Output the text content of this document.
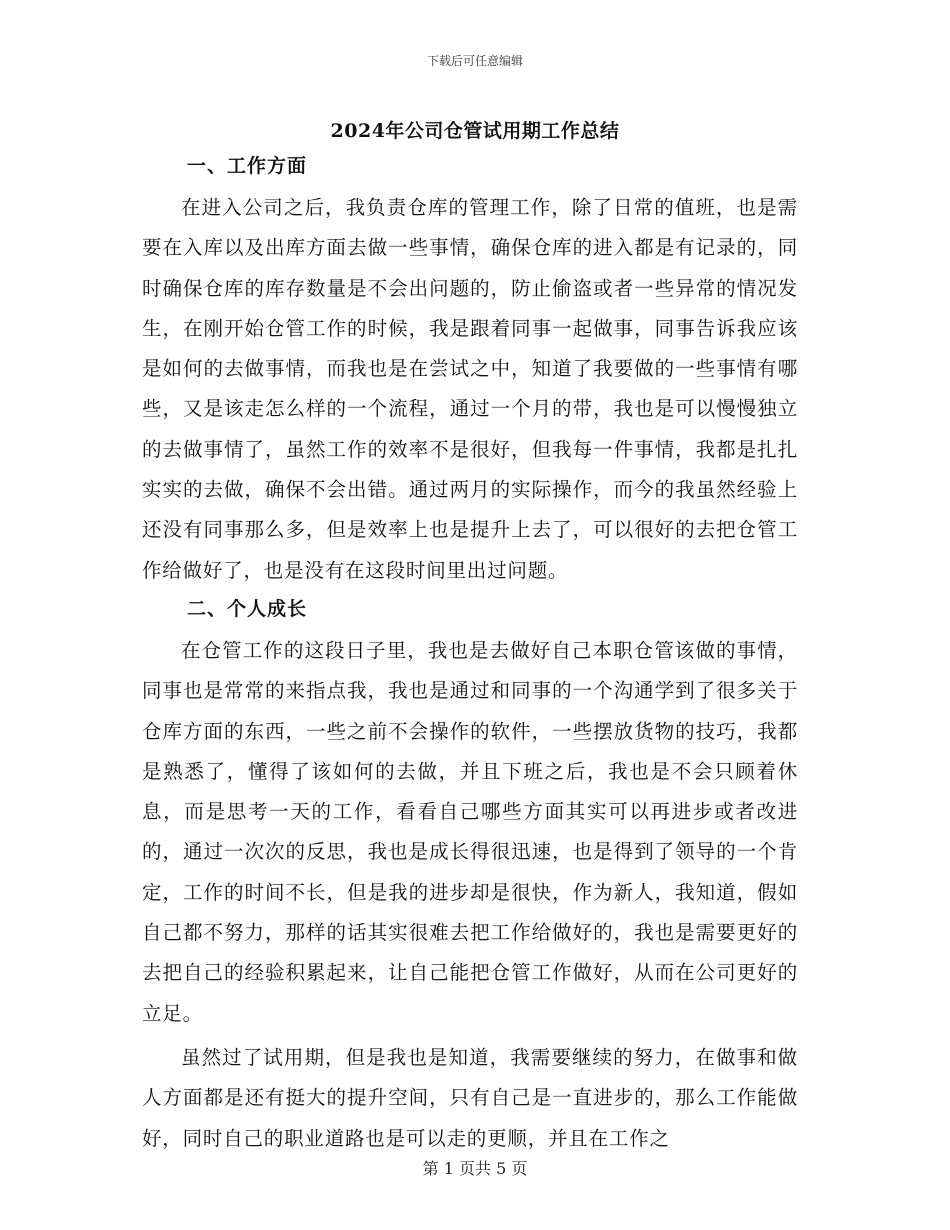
下载后可任意编辑
2024年公司仓管试用期工作总结
一、工作方面

在进入公司之后，我负责仓库的管理工作，除了日常的值班，也是需要在入库以及出库方面去做一些事情，确保仓库的进入都是有记录的，同时确保仓库的库存数量是不会出问题的，防止偷盗或者一些异常的情况发生，在刚开始仓管工作的时候，我是跟着同事一起做事，同事告诉我应该是如何的去做事情，而我也是在尝试之中，知道了我要做的一些事情有哪些，又是该走怎么样的一个流程，通过一个月的带，我也是可以慢慢独立的去做事情了，虽然工作的效率不是很好，但我每一件事情，我都是扎扎实实的去做，确保不会出错。通过两月的实际操作，而今的我虽然经验上还没有同事那么多，但是效率上也是提升上去了，可以很好的去把仓管工作给做好了，也是没有在这段时间里出过问题。

二、个人成长

在仓管工作的这段日子里，我也是去做好自己本职仓管该做的事情，同事也是常常的来指点我，我也是通过和同事的一个沟通学到了很多关于仓库方面的东西，一些之前不会操作的软件，一些摆放货物的技巧，我都是熟悉了，懂得了该如何的去做，并且下班之后，我也是不会只顾着休息，而是思考一天的工作，看看自己哪些方面其实可以再进步或者改进的，通过一次次的反思，我也是成长得很迅速，也是得到了领导的一个肯定，工作的时间不长，但是我的进步却是很快，作为新人，我知道，假如自己都不努力，那样的话其实很难去把工作给做好的，我也是需要更好的去把自己的经验积累起来，让自己能把仓管工作做好，从而在公司更好的立足。

虽然过了试用期，但是我也是知道，我需要继续的努力，在做事和做人方面都是还有挺大的提升空间，只有自己是一直进步的，那么工作能做好，同时自己的职业道路也是可以走的更顺，并且在工作之

第 1 页共 5 页
